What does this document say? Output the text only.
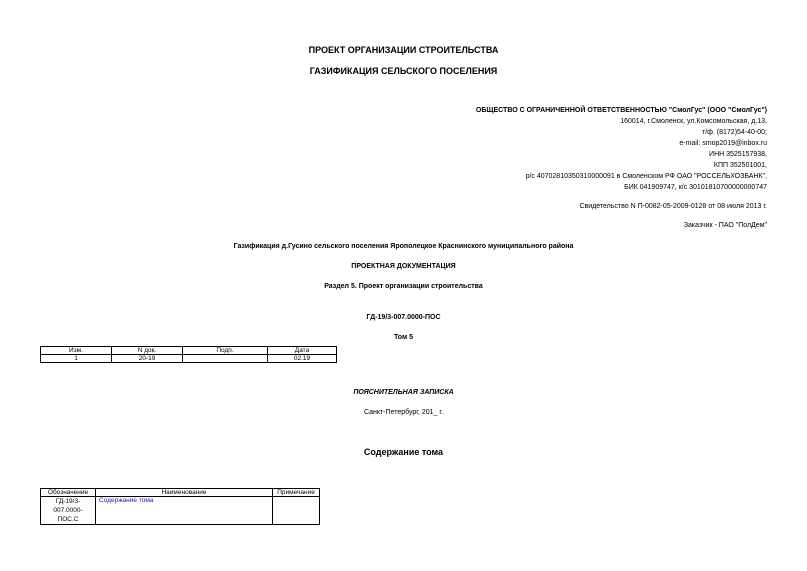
ПРОЕКТ ОРГАНИЗАЦИИ СТРОИТЕЛЬСТВА
ГАЗИФИКАЦИЯ СЕЛЬСКОГО ПОСЕЛЕНИЯ
ОБЩЕСТВО С ОГРАНИЧЕННОЙ ОТВЕТСТВЕННОСТЬЮ "СмолГус" (ООО "СмолГус")
160014, г.Смоленск, ул.Комсомольская, д.13,
т/ф. (8172)54-40-00;
e-mail: smop2019@inbox.ru
ИНН 3525157938,
КПП 352501001,
р/с 40702810350310000091 в Смоленском РФ ОАО "РОССЕЛЬХОЗБАНК",
БИК 041909747, к/с 30101810700000000747
Свидетельство N П-0082-05-2009-0128 от 08 июля 2013 г.
Заказчик - ПАО "ПолДем"
Газификация д.Гусино сельского поселения Ярополецкое Краснинского муниципального района
ПРОЕКТНАЯ ДОКУМЕНТАЦИЯ
Раздел 5. Проект организации строительства
ГД-19/3-007.0000-ПОС
Том 5
Изм.	N док.	Подп.	Дата
1	20-19		02.19
ПОЯСНИТЕЛЬНАЯ ЗАПИСКА
Санкт-Петербург, 201_ г.
Содержание тома
Обозначение	Наименование	Примечание
ГД-19/3-007.0000-ПОС.С	Содержание тома	
